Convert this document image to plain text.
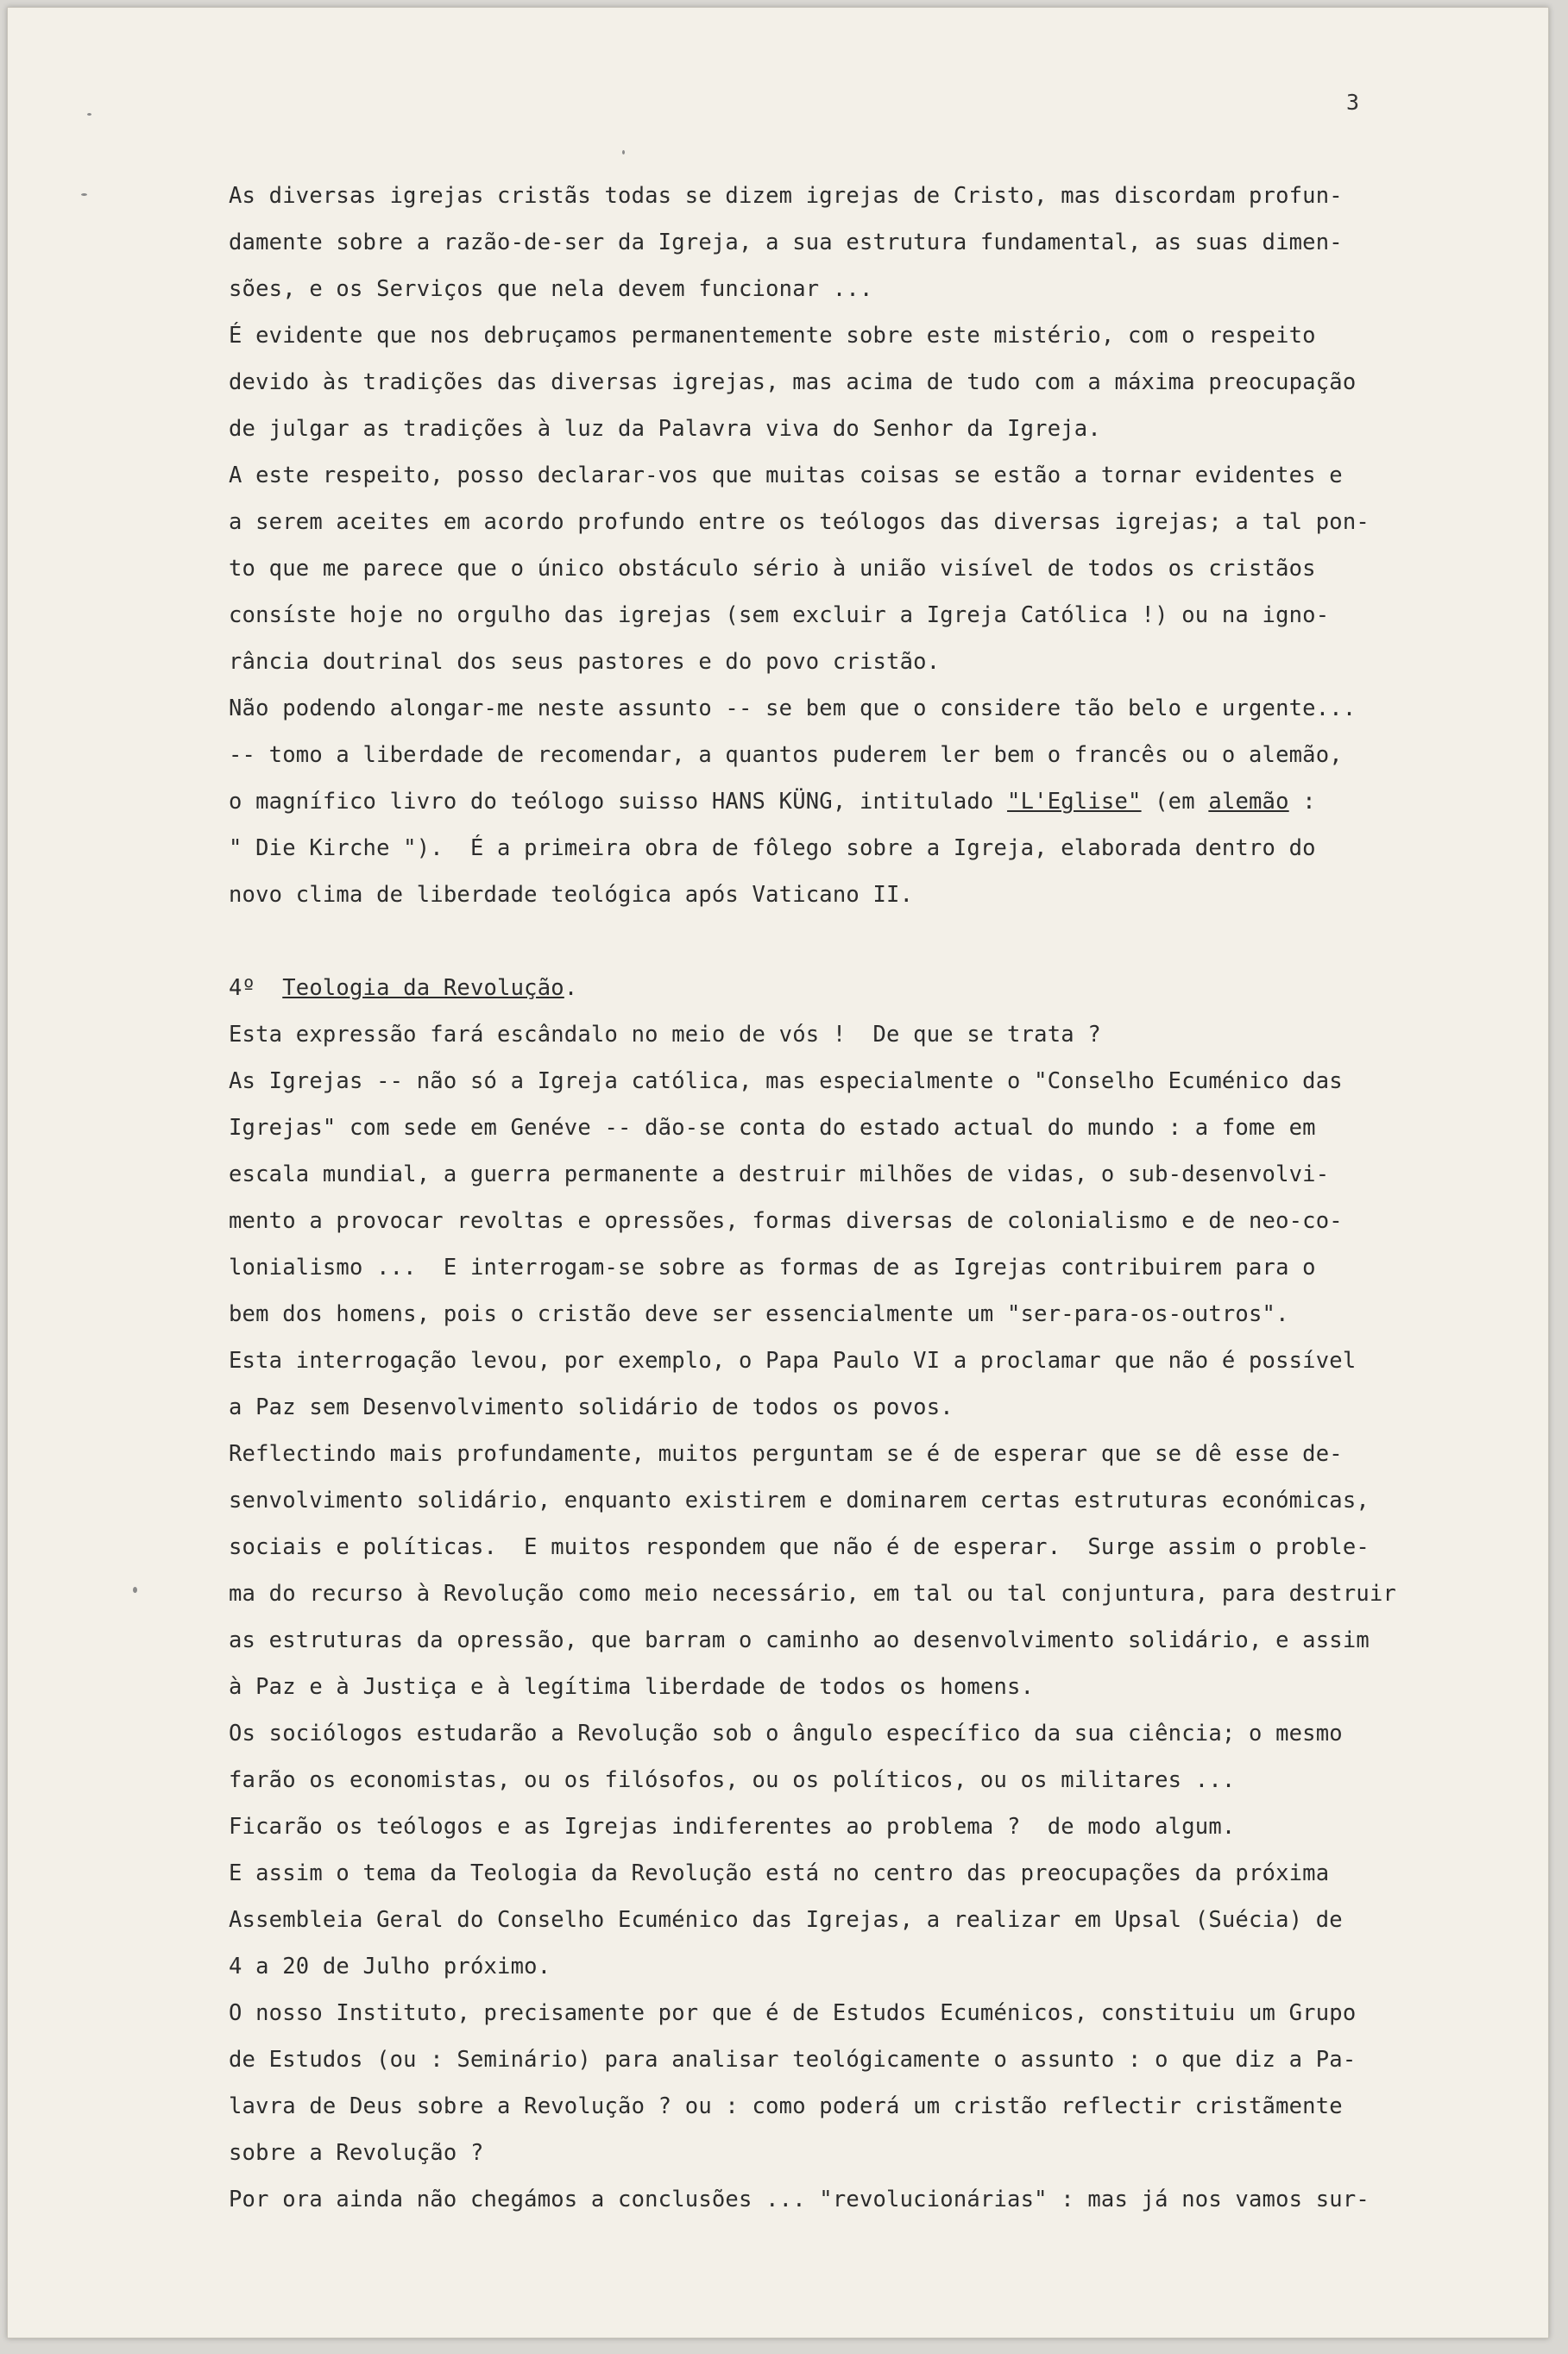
3
As diversas igrejas cristãs todas se dizem igrejas de Cristo, mas discordam profun-
damente sobre a razão-de-ser da Igreja, a sua estrutura fundamental, as suas dimen-
sões, e os Serviços que nela devem funcionar ...
É evidente que nos debruçamos permanentemente sobre este mistério, com o respeito
devido às tradições das diversas igrejas, mas acima de tudo com a máxima preocupação
de julgar as tradições à luz da Palavra viva do Senhor da Igreja.
A este respeito, posso declarar-vos que muitas coisas se estão a tornar evidentes e
a serem aceites em acordo profundo entre os teólogos das diversas igrejas; a tal pon-
to que me parece que o único obstáculo sério à união visível de todos os cristãos
consíste hoje no orgulho das igrejas (sem excluir a Igreja Católica !) ou na igno-
rância doutrinal dos seus pastores e do povo cristão.
Não podendo alongar-me neste assunto -- se bem que o considere tão belo e urgente...
-- tomo a liberdade de recomendar, a quantos puderem ler bem o francês ou o alemão,
o magnífico livro do teólogo suisso HANS KÜNG, intitulado "L'Eglise" (em alemão :
" Die Kirche ").  É a primeira obra de fôlego sobre a Igreja, elaborada dentro do
novo clima de liberdade teológica após Vaticano II.
4º Teologia da Revolução.
Esta expressão fará escândalo no meio de vós !  De que se trata ?
As Igrejas -- não só a Igreja católica, mas especialmente o "Conselho Ecuménico das
Igrejas" com sede em Genéve -- dão-se conta do estado actual do mundo : a fome em
escala mundial, a guerra permanente a destruir milhões de vidas, o sub-desenvolvi-
mento a provocar revoltas e opressões, formas diversas de colonialismo e de neo-co-
lonialismo ...  E interrogam-se sobre as formas de as Igrejas contribuirem para o
bem dos homens, pois o cristão deve ser essencialmente um "ser-para-os-outros".
Esta interrogação levou, por exemplo, o Papa Paulo VI a proclamar que não é possível
a Paz sem Desenvolvimento solidário de todos os povos.
Reflectindo mais profundamente, muitos perguntam se é de esperar que se dê esse de-
senvolvimento solidário, enquanto existirem e dominarem certas estruturas económicas,
sociais e políticas.  E muitos respondem que não é de esperar.  Surge assim o proble-
ma do recurso à Revolução como meio necessário, em tal ou tal conjuntura, para destruir
as estruturas da opressão, que barram o caminho ao desenvolvimento solidário, e assim
à Paz e à Justiça e à legítima liberdade de todos os homens.
Os sociólogos estudarão a Revolução sob o ângulo específico da sua ciência; o mesmo
farão os economistas, ou os filósofos, ou os políticos, ou os militares ...
Ficarão os teólogos e as Igrejas indiferentes ao problema ?  de modo algum.
E assim o tema da Teologia da Revolução está no centro das preocupações da próxima
Assembleia Geral do Conselho Ecuménico das Igrejas, a realizar em Upsal (Suécia) de
4 a 20 de Julho próximo.
O nosso Instituto, precisamente por que é de Estudos Ecuménicos, constituiu um Grupo
de Estudos (ou : Seminário) para analisar teológicamente o assunto : o que diz a Pa-
lavra de Deus sobre a Revolução ? ou : como poderá um cristão reflectir cristãmente
sobre a Revolução ?
Por ora ainda não chegámos a conclusões ... "revolucionárias" : mas já nos vamos sur-
